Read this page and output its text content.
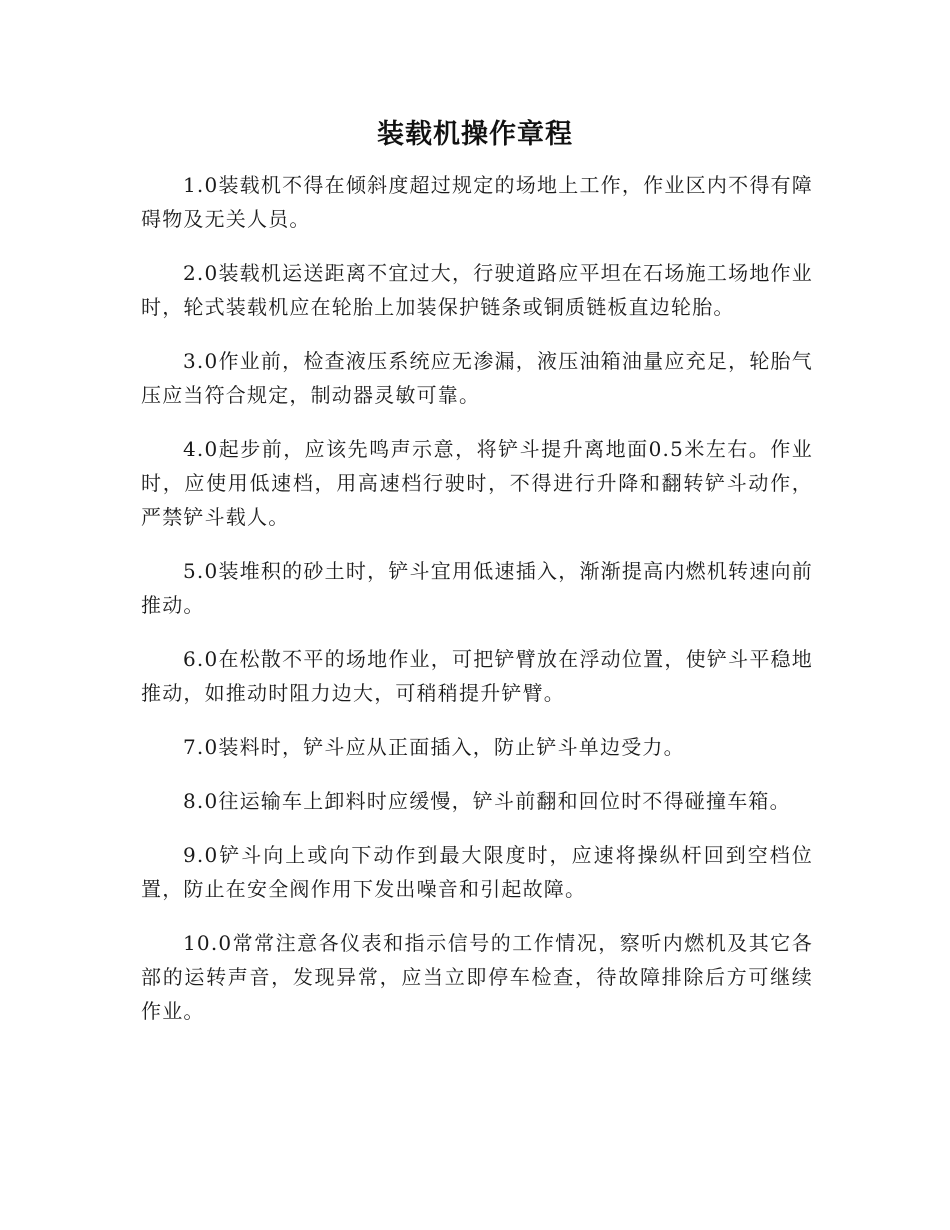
装载机操作章程

1.0装载机不得在倾斜度超过规定的场地上工作，作业区内不得有障碍物及无关人员。

2.0装载机运送距离不宜过大，行驶道路应平坦在石场施工场地作业时，轮式装载机应在轮胎上加装保护链条或铜质链板直边轮胎。

3.0作业前，检查液压系统应无渗漏，液压油箱油量应充足，轮胎气压应当符合规定，制动器灵敏可靠。

4.0起步前，应该先鸣声示意，将铲斗提升离地面0.5米左右。作业时，应使用低速档，用高速档行驶时，不得进行升降和翻转铲斗动作，严禁铲斗载人。

5.0装堆积的砂土时，铲斗宜用低速插入，渐渐提高内燃机转速向前推动。

6.0在松散不平的场地作业，可把铲臂放在浮动位置，使铲斗平稳地推动，如推动时阻力边大，可稍稍提升铲臂。

7.0装料时，铲斗应从正面插入，防止铲斗单边受力。

8.0往运输车上卸料时应缓慢，铲斗前翻和回位时不得碰撞车箱。

9.0铲斗向上或向下动作到最大限度时，应速将操纵杆回到空档位置，防止在安全阀作用下发出噪音和引起故障。

10.0常常注意各仪表和指示信号的工作情况，察听内燃机及其它各部的运转声音，发现异常，应当立即停车检查，待故障排除后方可继续作业。
